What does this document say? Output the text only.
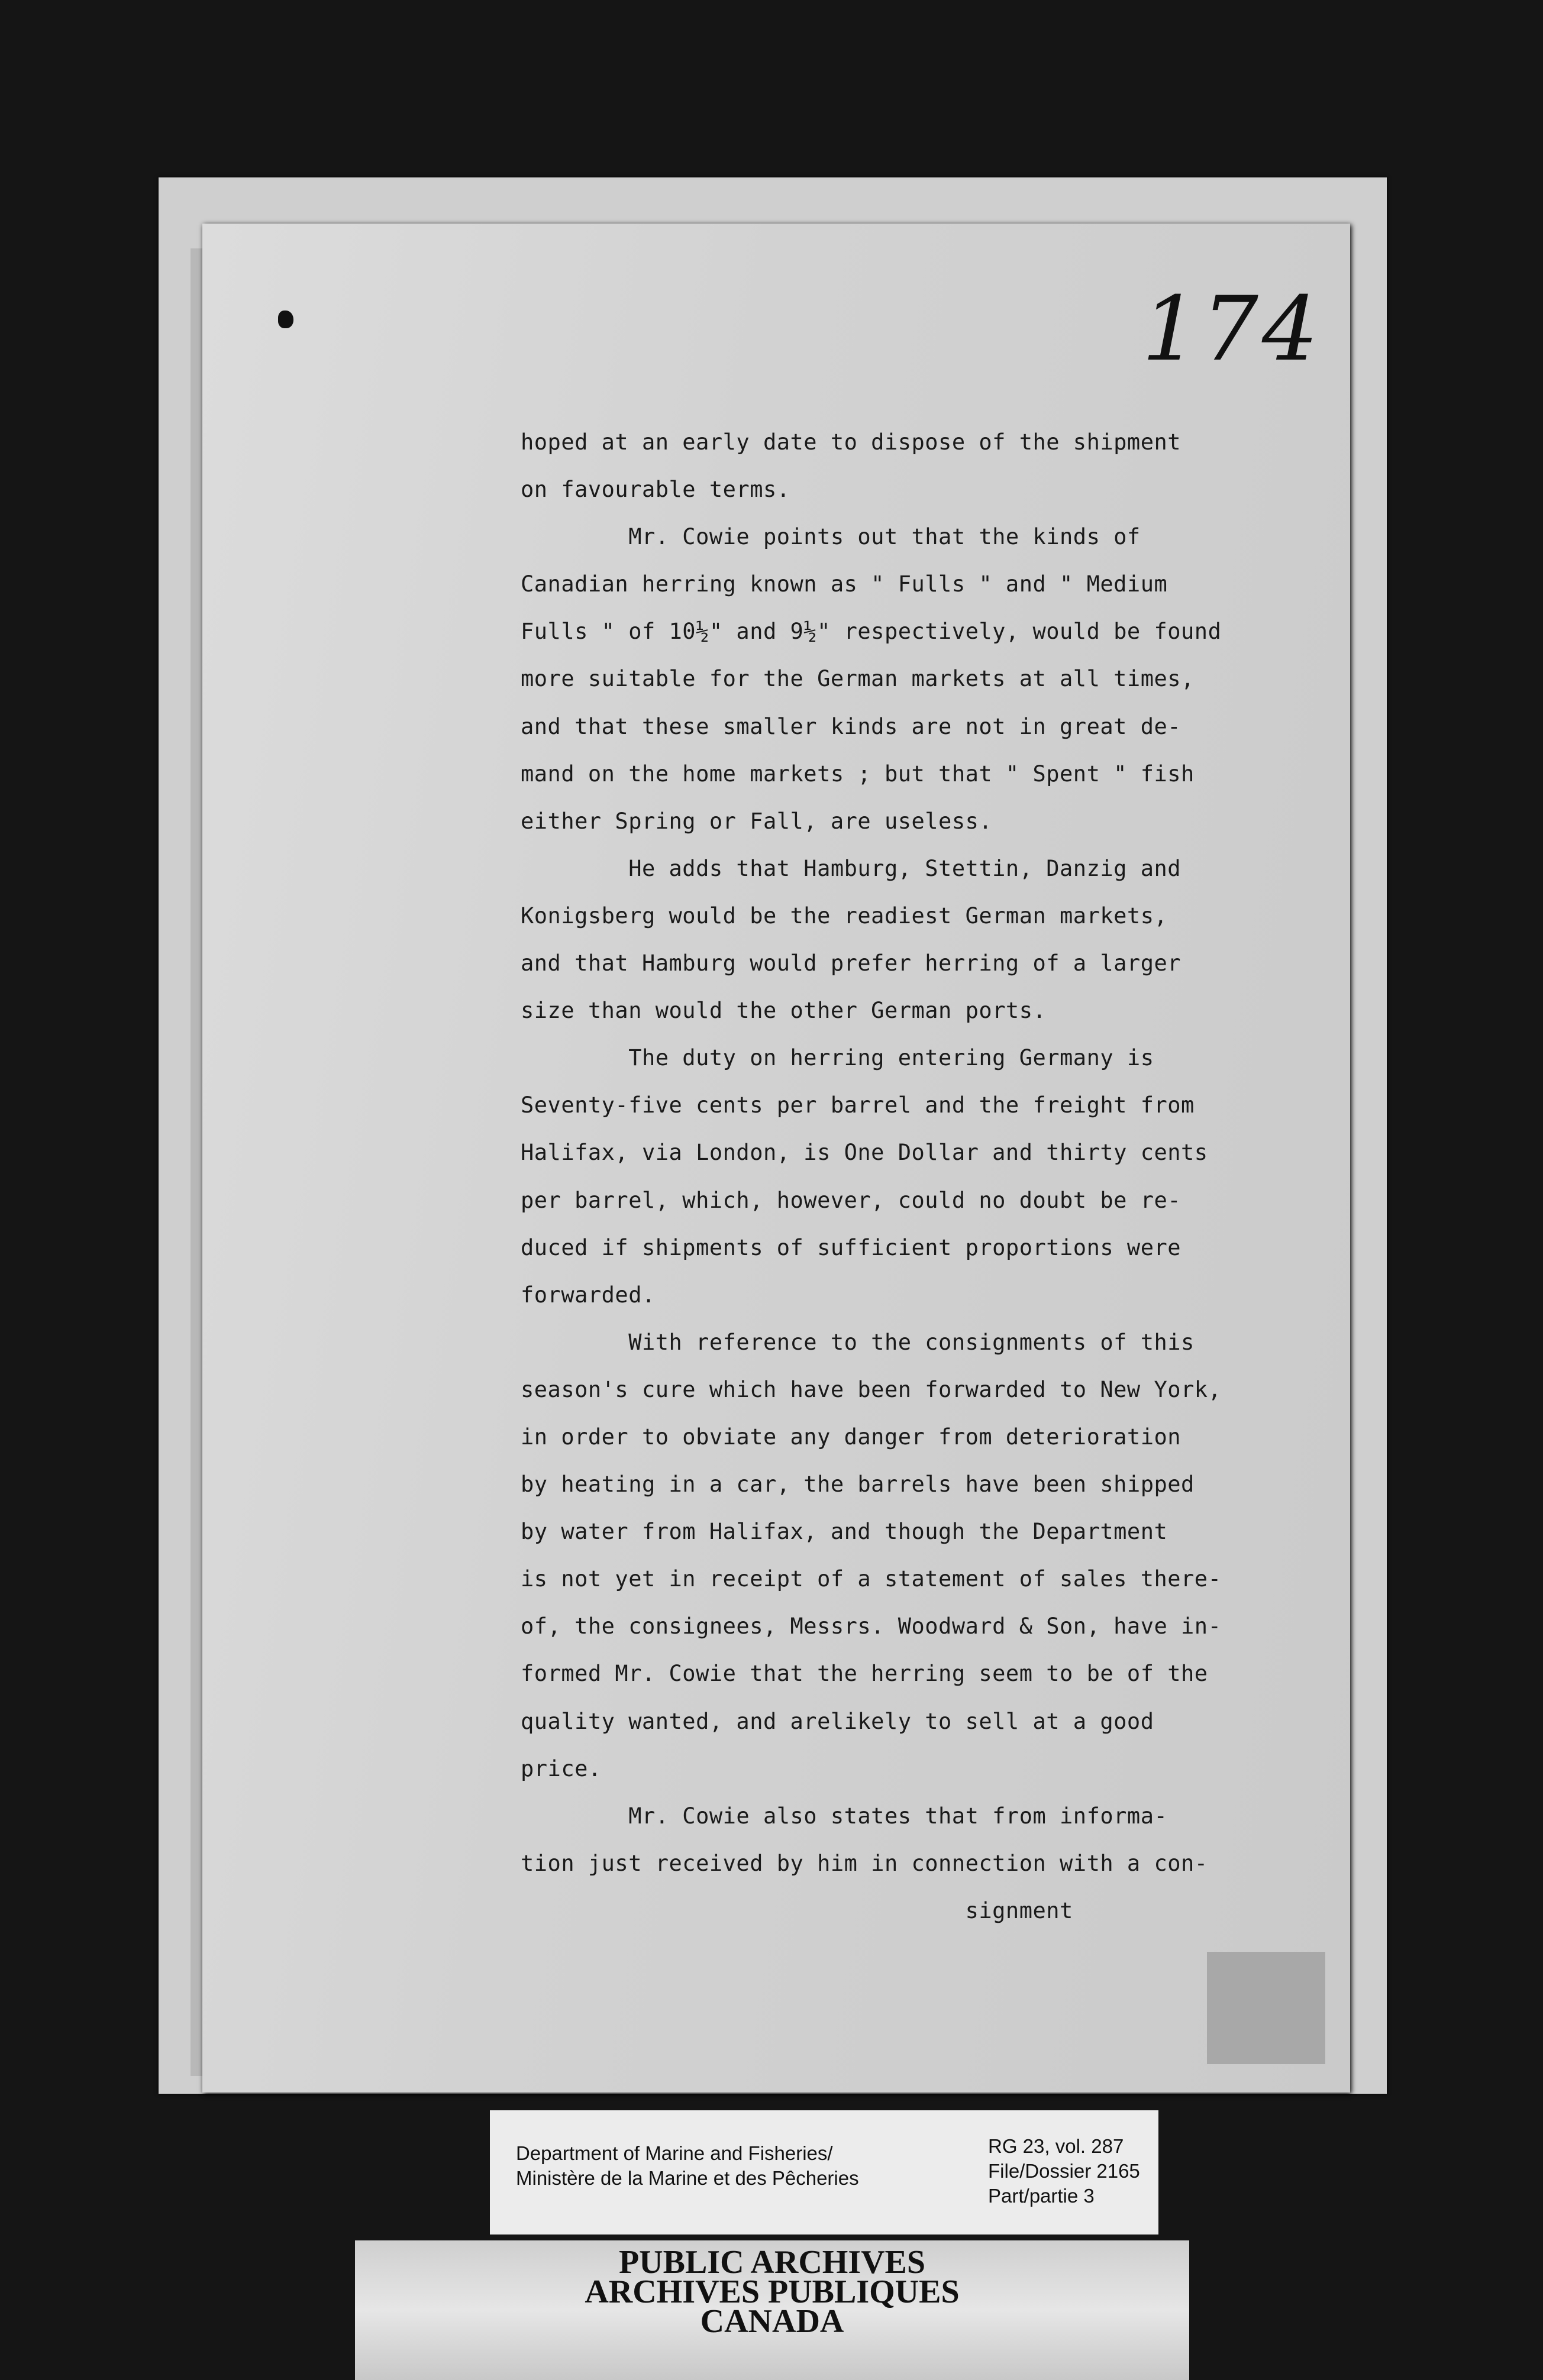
174
hoped at an early date to dispose of the shipment
on favourable terms.
Mr. Cowie points out that the kinds of
Canadian herring known as " Fulls " and " Medium
Fulls " of 10½" and 9½" respectively, would be found
more suitable for the German markets at all times,
and that these smaller kinds are not in great de-
mand on the home markets ; but that " Spent " fish
either Spring or Fall, are useless.
He adds that Hamburg, Stettin, Danzig and
Konigsberg would be the readiest German markets,
and that Hamburg would prefer herring of a larger
size than would the other German ports.
The duty on herring entering Germany is
Seventy-five cents per barrel and the freight from
Halifax, via London, is One Dollar and thirty cents
per barrel, which, however, could no doubt be re-
duced if shipments of sufficient proportions were
forwarded.
With reference to the consignments of this
season's cure which have been forwarded to New York,
in order to obviate any danger from deterioration
by heating in a car, the barrels have been shipped
by water from Halifax, and though the Department
is not yet in receipt of a statement of sales there-
of, the consignees, Messrs. Woodward & Son, have in-
formed Mr. Cowie that the herring seem to be of the
quality wanted, and arelikely to sell at a good
price.
Mr. Cowie also states that from informa-
tion just received by him in connection with a con-
signment
Department of Marine and Fisheries/
Ministère de la Marine et des Pêcheries
RG 23, vol. 287
File/Dossier 2165
Part/partie 3
PUBLIC ARCHIVES
ARCHIVES PUBLIQUES
CANADA
